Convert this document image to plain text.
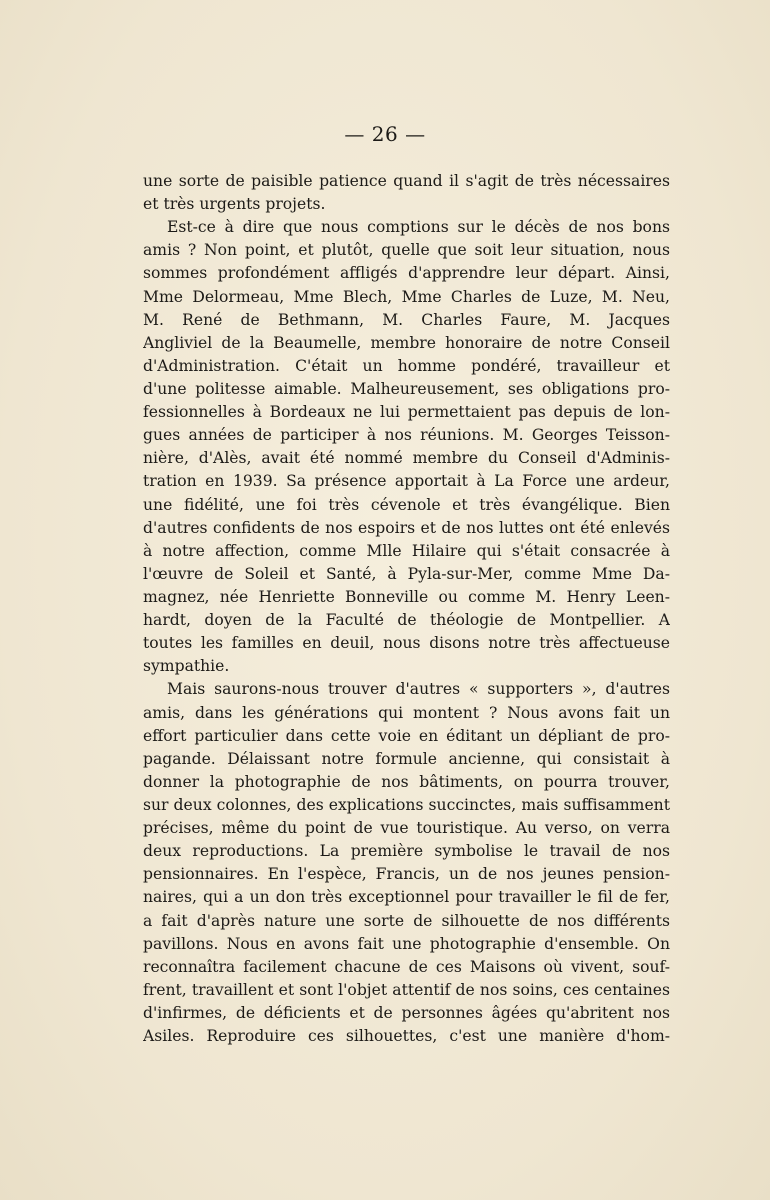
— 26 —
une sorte de paisible patience quand il s'agit de très nécessaires
et très urgents projets.
Est-ce à dire que nous comptions sur le décès de nos bons
amis ? Non point, et plutôt, quelle que soit leur situation, nous
sommes profondément affligés d'apprendre leur départ. Ainsi,
Mme Delormeau, Mme Blech, Mme Charles de Luze, M. Neu,
M. René de Bethmann, M. Charles Faure, M. Jacques
Angliviel de la Beaumelle, membre honoraire de notre Conseil
d'Administration. C'était un homme pondéré, travailleur et
d'une politesse aimable. Malheureusement, ses obligations pro-
fessionnelles à Bordeaux ne lui permettaient pas depuis de lon-
gues années de participer à nos réunions. M. Georges Teisson-
nière, d'Alès, avait été nommé membre du Conseil d'Adminis-
tration en 1939. Sa présence apportait à La Force une ardeur,
une fidélité, une foi très cévenole et très évangélique. Bien
d'autres confidents de nos espoirs et de nos luttes ont été enlevés
à notre affection, comme Mlle Hilaire qui s'était consacrée à
l'œuvre de Soleil et Santé, à Pyla-sur-Mer, comme Mme Da-
magnez, née Henriette Bonneville ou comme M. Henry Leen-
hardt, doyen de la Faculté de théologie de Montpellier. A
toutes les familles en deuil, nous disons notre très affectueuse
sympathie.
Mais saurons-nous trouver d'autres « supporters », d'autres
amis, dans les générations qui montent ? Nous avons fait un
effort particulier dans cette voie en éditant un dépliant de pro-
pagande. Délaissant notre formule ancienne, qui consistait à
donner la photographie de nos bâtiments, on pourra trouver,
sur deux colonnes, des explications succinctes, mais suffisamment
précises, même du point de vue touristique. Au verso, on verra
deux reproductions. La première symbolise le travail de nos
pensionnaires. En l'espèce, Francis, un de nos jeunes pension-
naires, qui a un don très exceptionnel pour travailler le fil de fer,
a fait d'après nature une sorte de silhouette de nos différents
pavillons. Nous en avons fait une photographie d'ensemble. On
reconnaîtra facilement chacune de ces Maisons où vivent, souf-
frent, travaillent et sont l'objet attentif de nos soins, ces centaines
d'infirmes, de déficients et de personnes âgées qu'abritent nos
Asiles. Reproduire ces silhouettes, c'est une manière d'hom-
